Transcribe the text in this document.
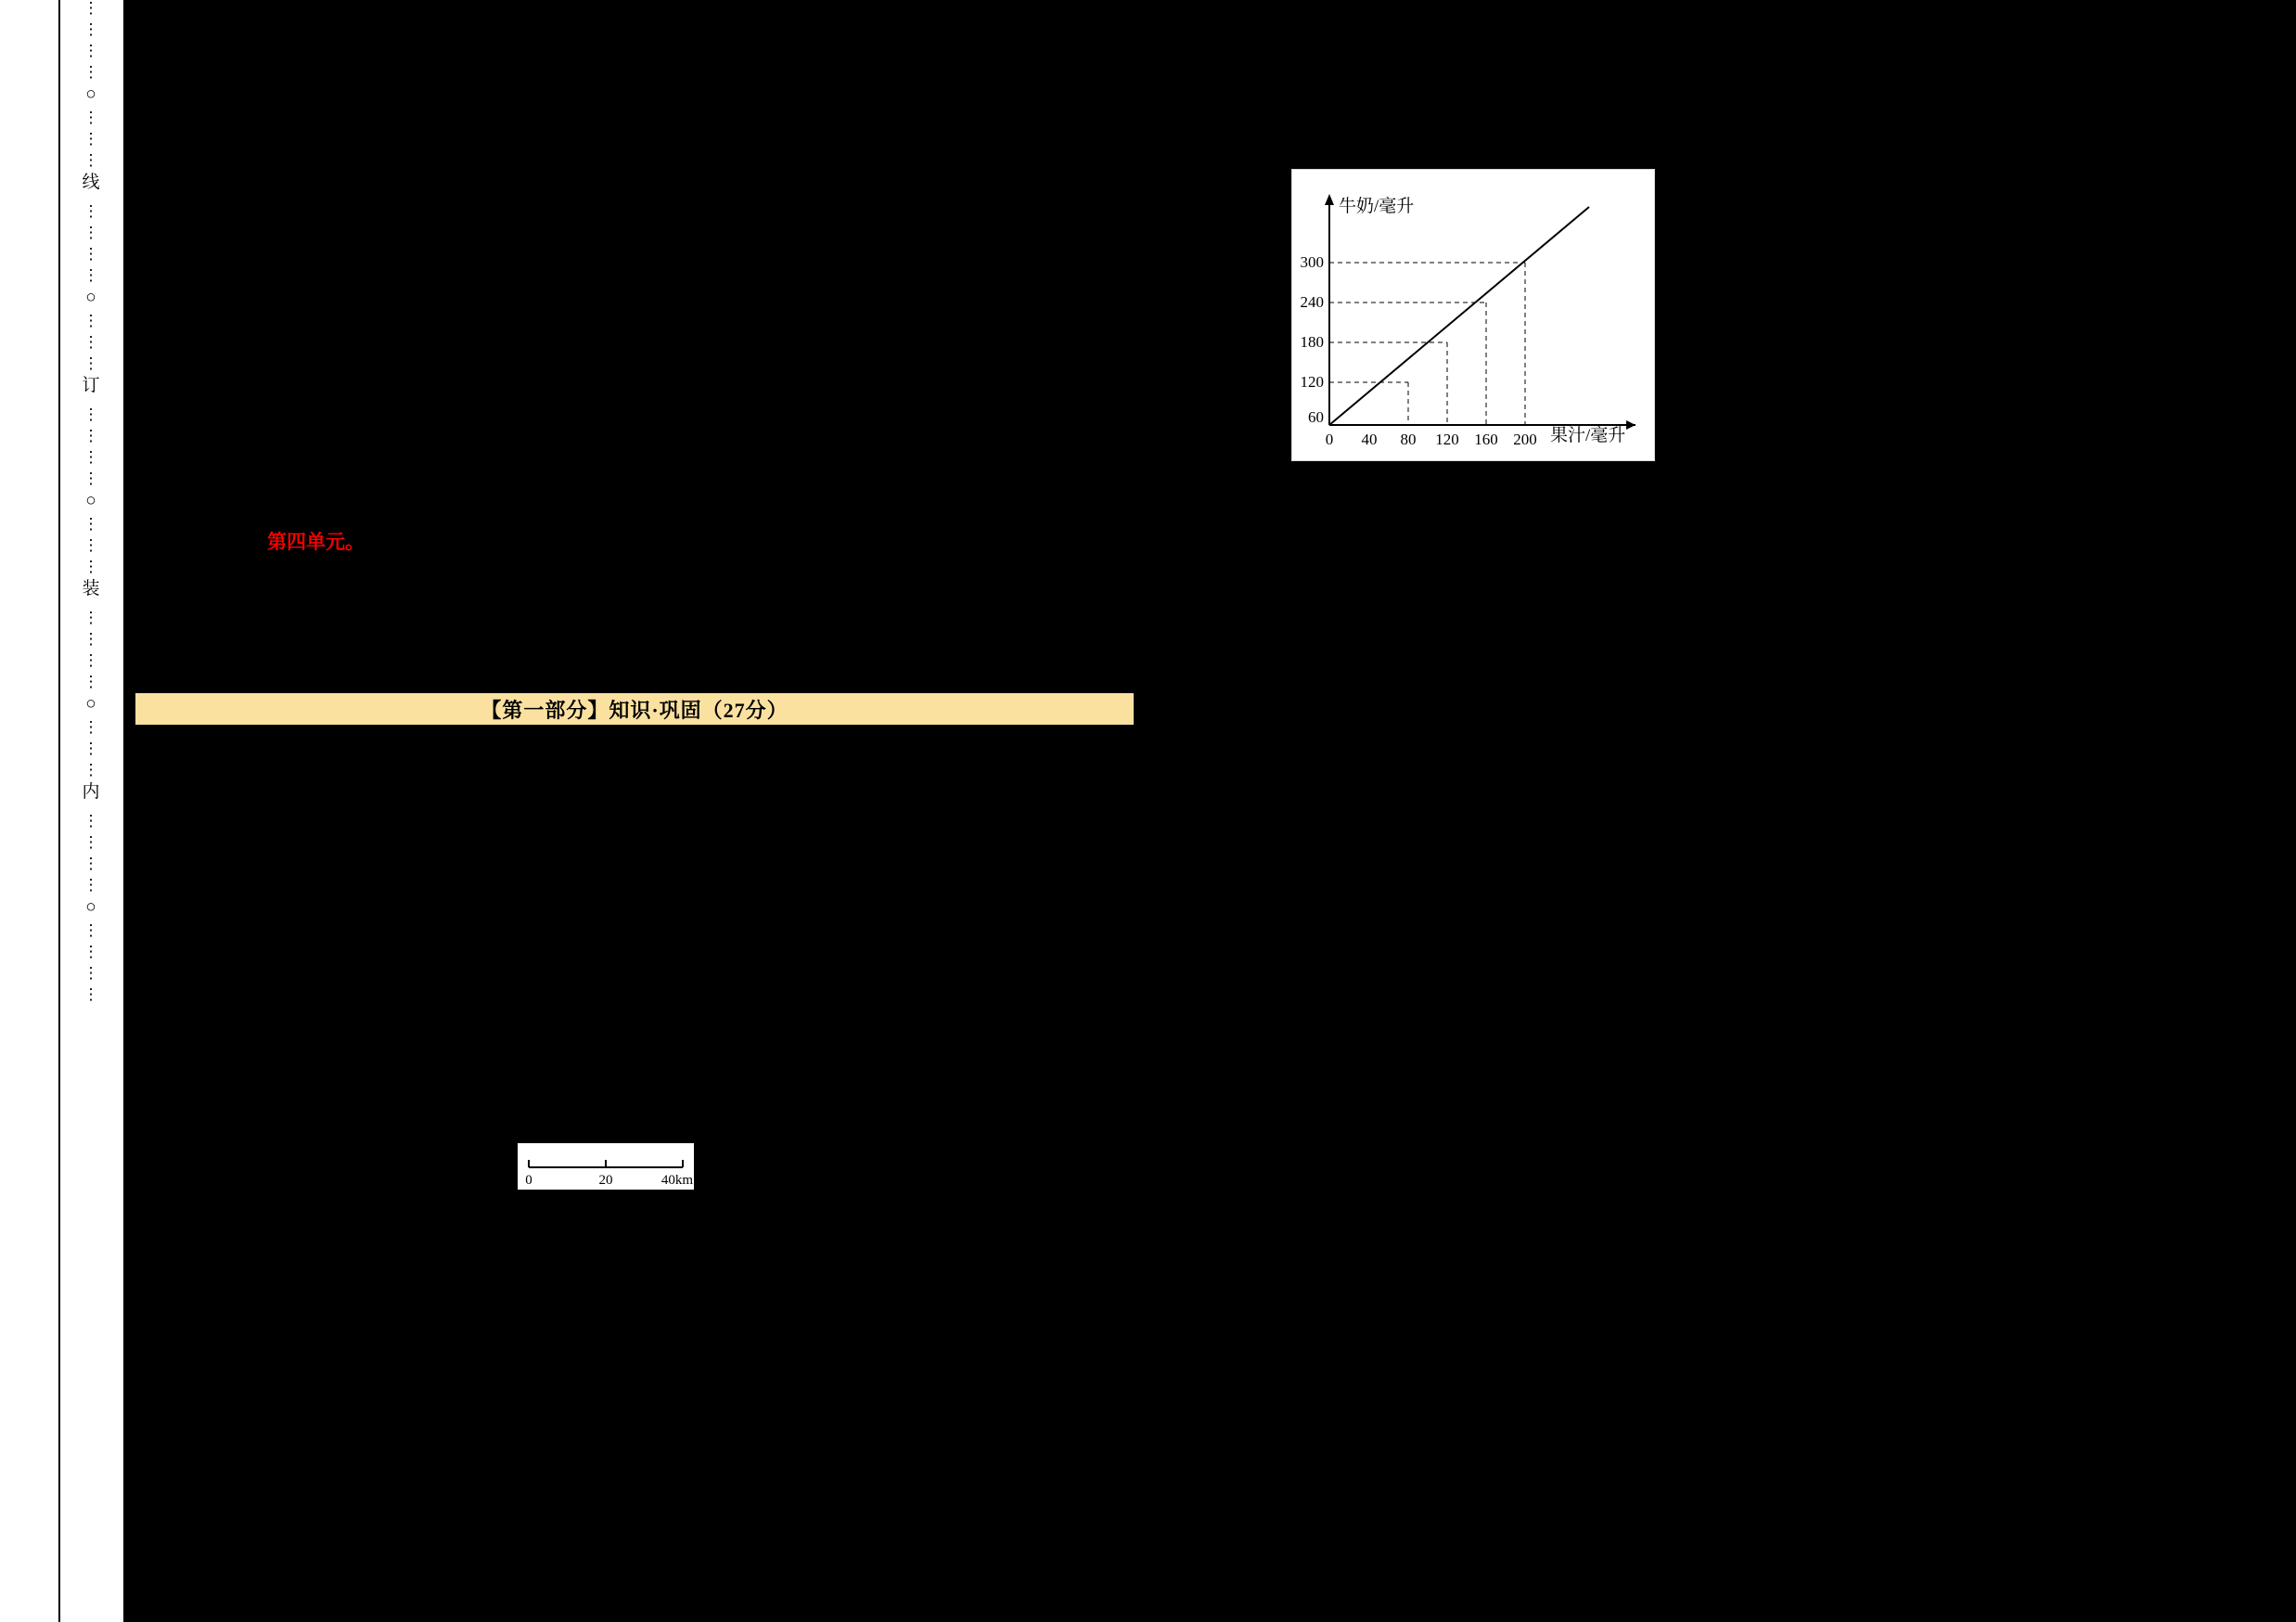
⋮
⋮
⋮
⋮
○
⋮
⋮
⋮
线
⋮
⋮
⋮
⋮
○
⋮
⋮
⋮
订
⋮
⋮
⋮
⋮
○
⋮
⋮
⋮
装
⋮
⋮
⋮
⋮
○
⋮
⋮
⋮
内
⋮
⋮
⋮
⋮
○
⋮
⋮
⋮
⋮
第四单元。
【第一部分】知识·巩固（27分）
300
240
180
120
60
0 40 80 120 160 200
牛奶/毫升
果汁/毫升
0	20	40km
